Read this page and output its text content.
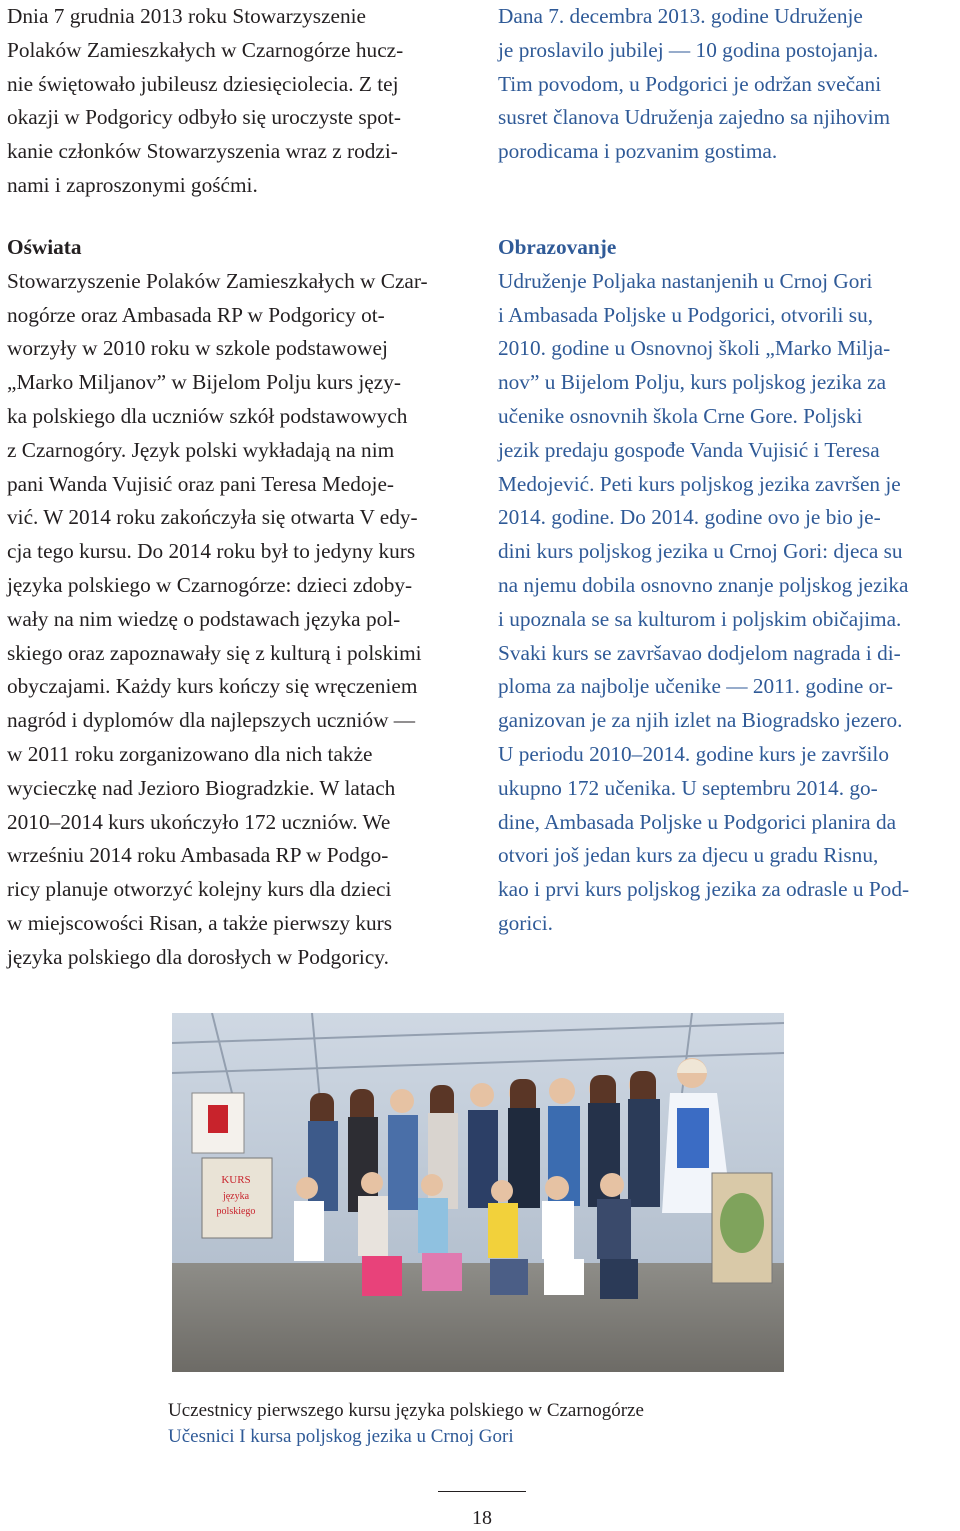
Dnia 7 grudnia 2013 roku Stowarzyszenie

Polaków Zamieszkałych w Czarnogórze hucz-

nie świętowało jubileusz dziesięciolecia. Z tej

okazji w Podgoricy odbyło się uroczyste spot-

kanie członków Stowarzyszenia wraz z rodzi-

nami i zaproszonymi gośćmi.

Dana 7. decembra 2013. godine Udruženje

je proslavilo jubilej — 10 godina postojanja.

Tim povodom, u Podgorici je održan svečani

susret članova Udruženja zajedno sa njihovim

porodicama i pozvanim gostima.

Oświata

Stowarzyszenie Polaków Zamieszkałych w Czar-

nogórze oraz Ambasada RP w Podgoricy ot-

worzyły w 2010 roku w szkole podstawowej

„Marko Miljanov” w Bijelom Polju kurs języ-

ka polskiego dla uczniów szkół podstawowych

z Czarnogóry. Język polski wykładają na nim

pani Wanda Vujisić oraz pani Teresa Medoje-

vić. W 2014 roku zakończyła się otwarta V edy-

cja tego kursu. Do 2014 roku był to jedyny kurs

języka polskiego w Czarnogórze: dzieci zdoby-

wały na nim wiedzę o podstawach języka pol-

skiego oraz zapoznawały się z kulturą i polskimi

obyczajami. Każdy kurs kończy się wręczeniem

nagród i dyplomów dla najlepszych uczniów —

w 2011 roku zorganizowano dla nich także

wycieczkę nad Jezioro Biogradzkie. W latach

2010–2014 kurs ukończyło 172 uczniów. We

wrześniu 2014 roku Ambasada RP w Podgo-

ricy planuje otworzyć kolejny kurs dla dzieci

w miejscowości Risan, a także pierwszy kurs

języka polskiego dla dorosłych w Podgoricy.

Obrazovanje

Udruženje Poljaka nastanjenih u Crnoj Gori

i Ambasada Poljske u Podgorici, otvorili su,

2010. godine u Osnovnoj školi „Marko Milja-

nov” u Bijelom Polju, kurs poljskog jezika za

učenike osnovnih škola Crne Gore. Poljski

jezik predaju gospođe Vanda Vujisić i Teresa

Medojević. Peti kurs poljskog jezika završen je

2014. godine. Do 2014. godine ovo je bio je-

dini kurs poljskog jezika u Crnoj Gori: djeca su

na njemu dobila osnovno znanje poljskog jezika

i upoznala se sa kulturom i poljskim običajima.

Svaki kurs se završavao dodjelom nagrada i di-

ploma za najbolje učenike — 2011. godine or-

ganizovan je za njih izlet na Biogradsko jezero.

U periodu 2010–2014. godine kurs je završilo

ukupno 172 učenika. U septembru 2014. go-

dine, Ambasada Poljske u Podgorici planira da

otvori još jedan kurs za djecu u gradu Risnu,

kao i prvi kurs poljskog jezika za odrasle u Pod-

gorici.

KURS
języka
polskiego
Uczestnicy pierwszego kursu języka polskiego w Czarnogórze
Učesnici I kursa poljskog jezika u Crnoj Gori
18
